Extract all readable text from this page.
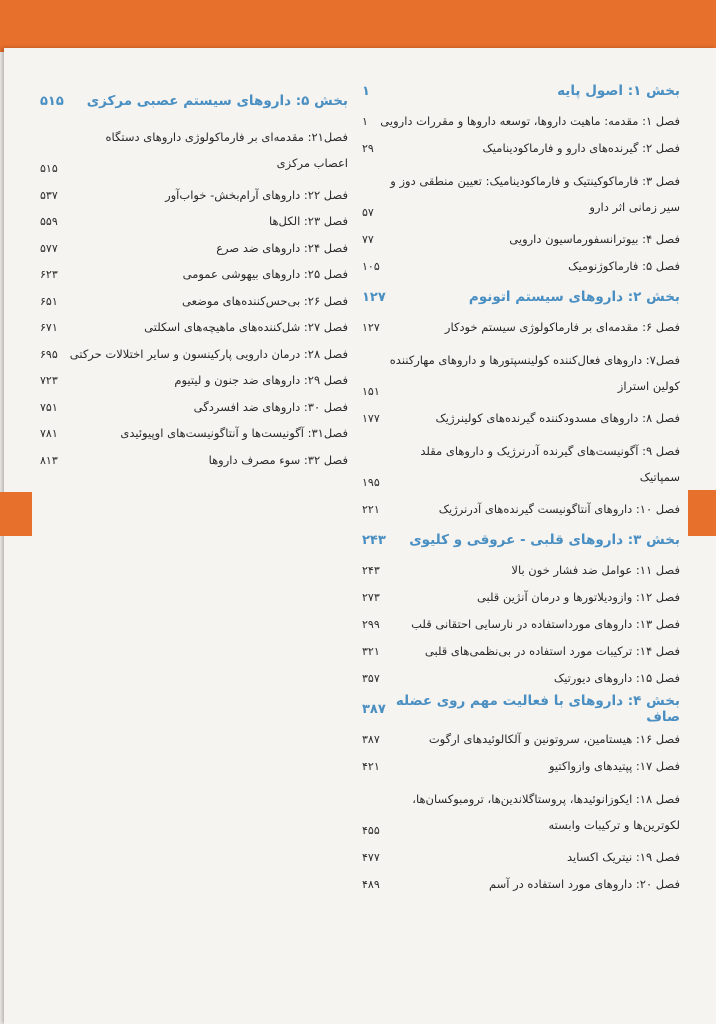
بخش ۱: اصول پایه
۱
فصل ۱: مقدمه: ماهیت داروها، توسعه داروها و مقررات دارویی
۱
فصل ۲: گیرنده‌های دارو و فارماکودینامیک
۲۹
فصل ۳: فارماکوکینتیک و فارماکودینامیک: تعیین منطقی دوز و سیر زمانی اثر دارو
۵۷
فصل ۴: بیوترانسفورماسیون دارویی
۷۷
فصل ۵: فارماکوژنومیک
۱۰۵
بخش ۲: داروهای سیستم اتونوم
۱۲۷
فصل ۶: مقدمه‌ای بر فارماکولوژی سیستم خودکار
۱۲۷
فصل۷: داروهای فعال‌کننده کولینسپتورها و داروهای مهارکننده کولین استراز
۱۵۱
فصل ۸: داروهای مسدودکننده گیرنده‌های کولینرژیک
۱۷۷
فصل ۹: آگونیست‌های گیرنده آدرنرژیک و داروهای مقلد سمپاتیک
۱۹۵
فصل ۱۰: داروهای آنتاگونیست گیرنده‌های آدرنرژیک
۲۲۱
بخش ۳: داروهای قلبی - عروقی و کلیوی
۲۴۳
فصل ۱۱: عوامل ضد فشار خون بالا
۲۴۳
فصل ۱۲: وازودیلاتورها و درمان آنژین قلبی
۲۷۳
فصل ۱۳: داروهای مورداستفاده در نارسایی احتقانی قلب
۲۹۹
فصل ۱۴: ترکیبات مورد استفاده در بی‌نظمی‌های قلبی
۳۲۱
فصل ۱۵: داروهای دیورتیک
۳۵۷
بخش ۴: داروهای با فعالیت مهم روی عضله صاف
۳۸۷
فصل ۱۶: هیستامین، سروتونین و آلکالوئیدهای ارگوت
۳۸۷
فصل ۱۷: پپتیدهای وازواکتیو
۴۲۱
فصل ۱۸: ایکوزانوئیدها، پروستاگلاندین‌ها، ترومبوکسان‌ها، لکوترین‌ها و ترکیبات وابسته
۴۵۵
فصل ۱۹: نیتریک اکساید
۴۷۷
فصل ۲۰: داروهای مورد استفاده در آسم
۴۸۹
بخش ۵: داروهای سیستم عصبی مرکزی
۵۱۵
فصل۲۱: مقدمه‌ای بر فارماکولوژی داروهای دستگاه اعصاب مرکزی
۵۱۵
فصل ۲۲: داروهای آرام‌بخش- خواب‌آور
۵۳۷
فصل ۲۳: الکل‌ها
۵۵۹
فصل ۲۴: داروهای ضد صرع
۵۷۷
فصل ۲۵: داروهای بیهوشی عمومی
۶۲۳
فصل ۲۶: بی‌حس‌کننده‌های موضعی
۶۵۱
فصل ۲۷: شل‌کننده‌های ماهیچه‌های اسکلتی
۶۷۱
فصل ۲۸: درمان دارویی پارکینسون و سایر اختلالات حرکتی
۶۹۵
فصل ۲۹: داروهای ضد جنون و لیتیوم
۷۲۳
فصل ۳۰: داروهای ضد افسردگی
۷۵۱
فصل۳۱: آگونیست‌ها و آنتاگونیست‌های اوپیوئیدی
۷۸۱
فصل ۳۲: سوء مصرف داروها
۸۱۳
